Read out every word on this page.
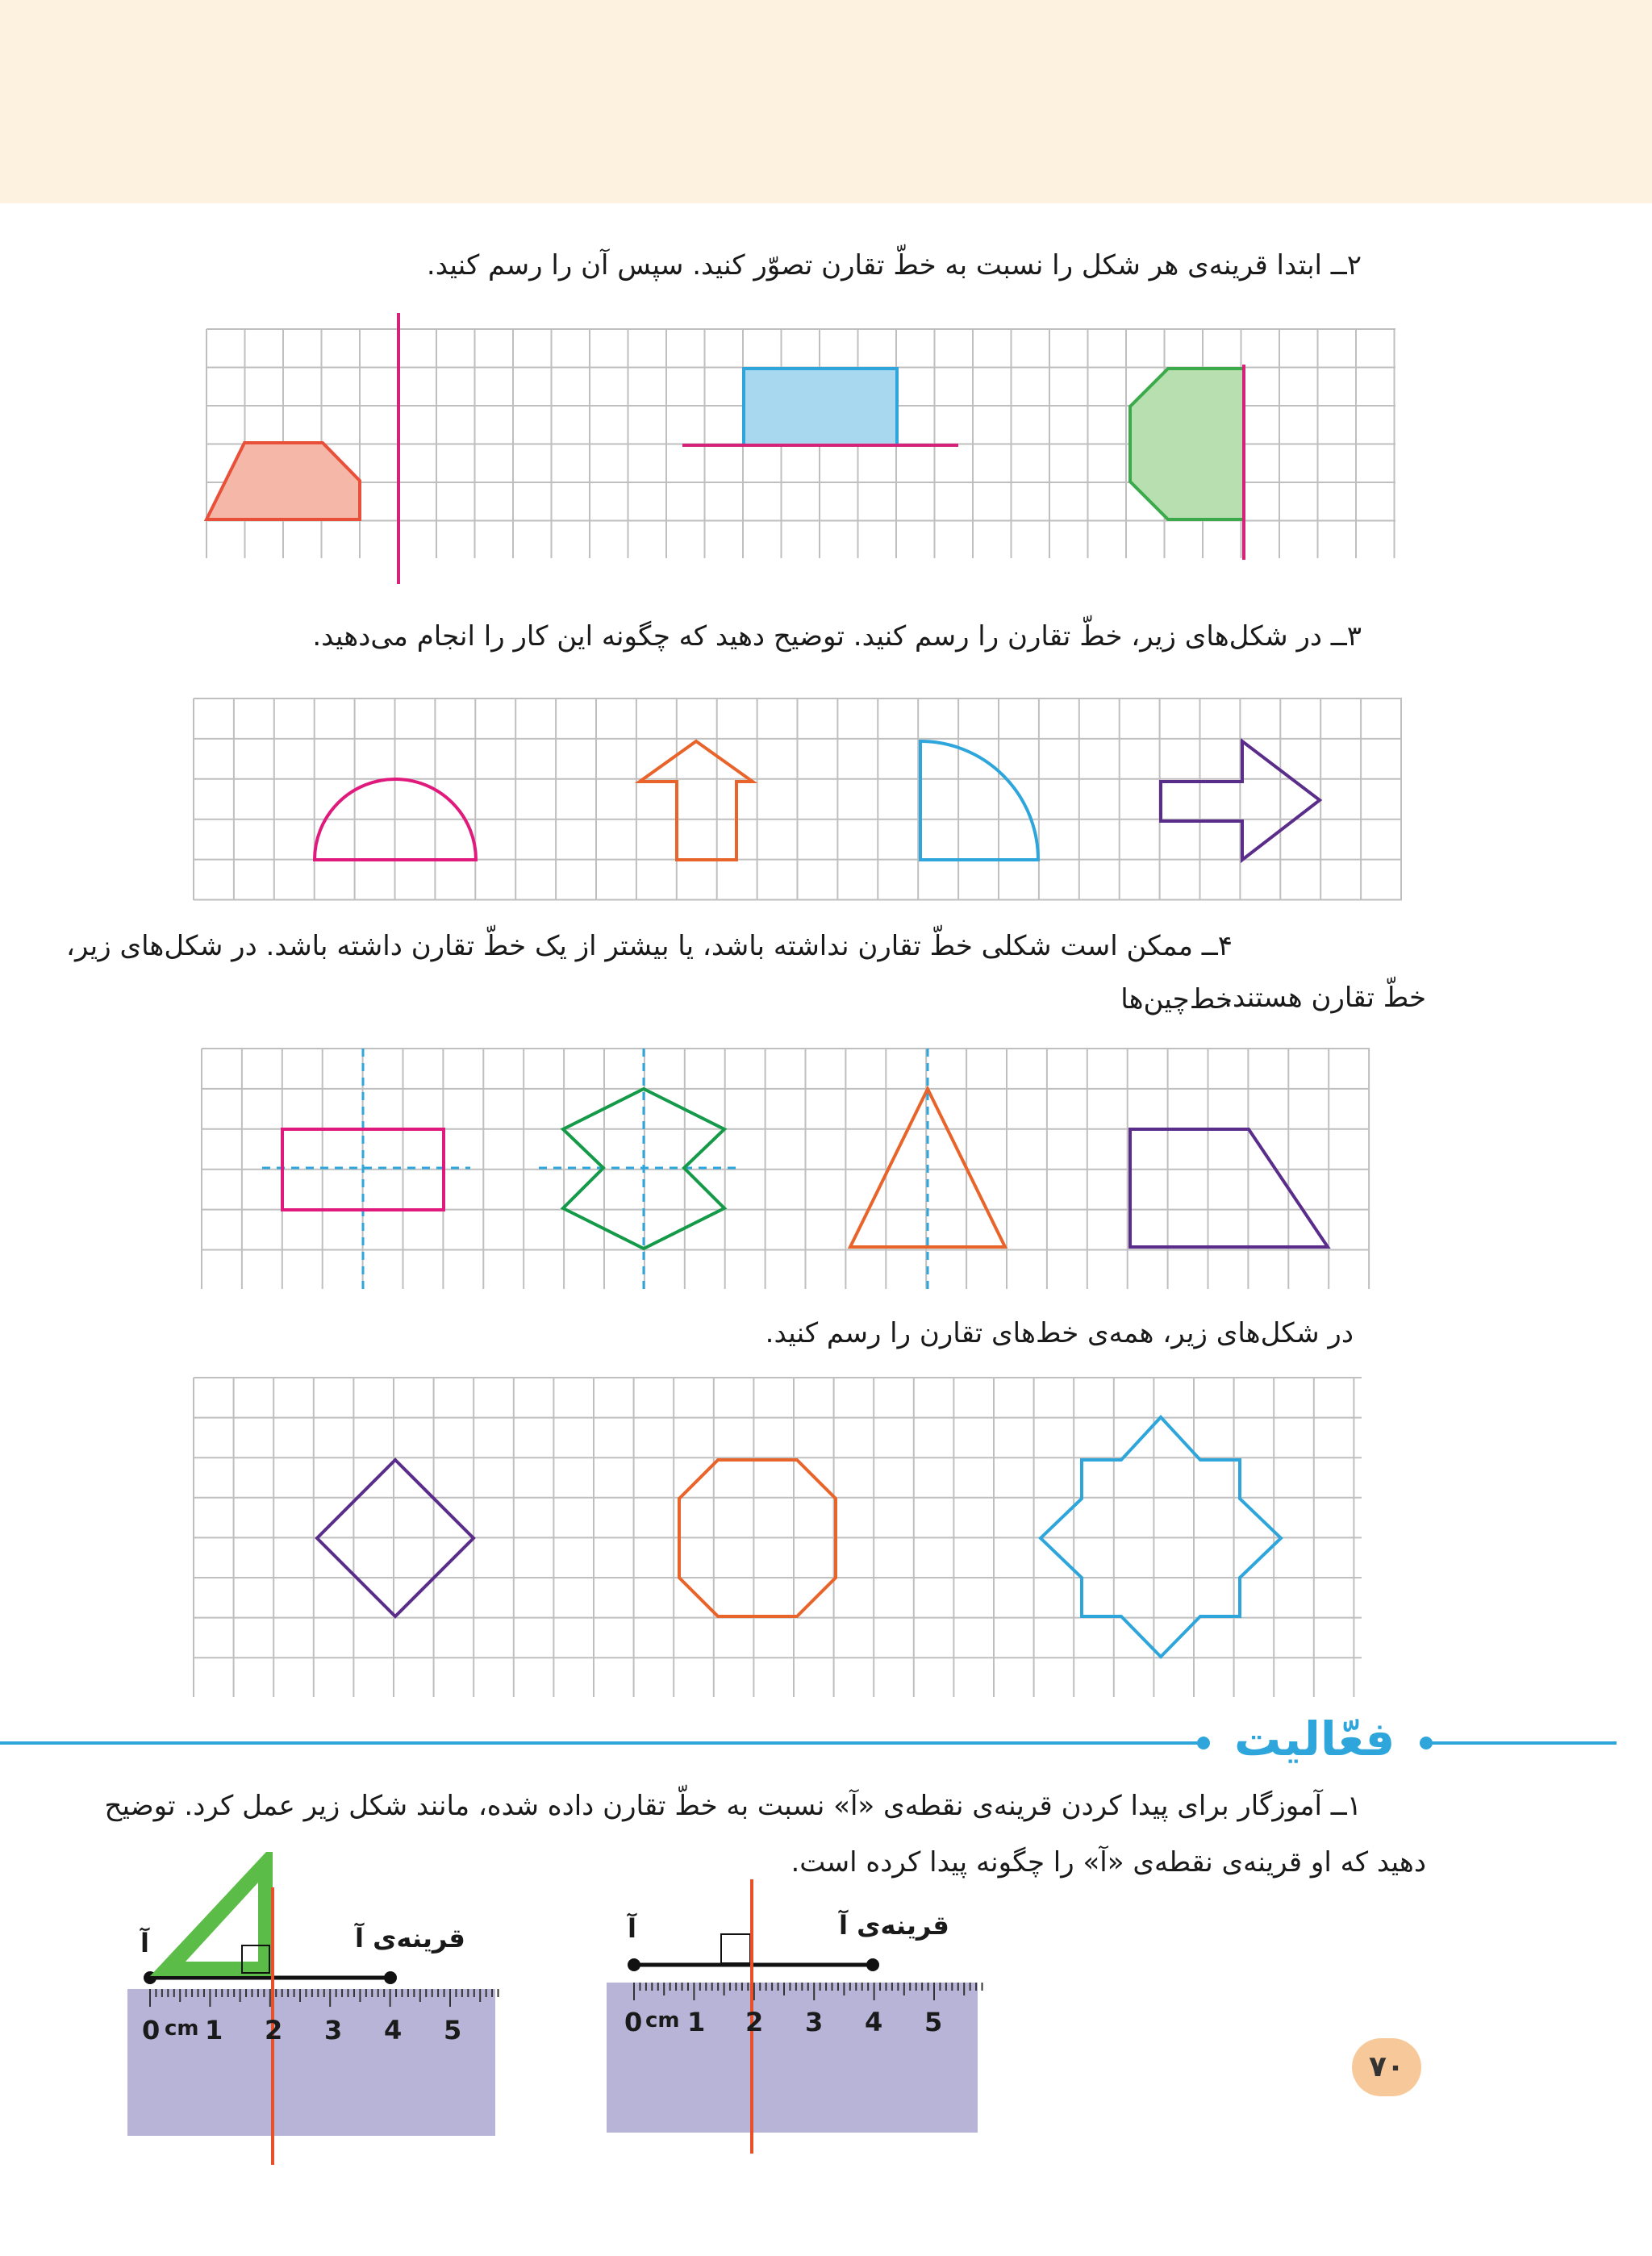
۲ــ ابتدا قرینه‌ی هر شکل را نسبت به خطّ تقارن تصوّر کنید. سپس آن را رسم کنید.
۳ــ در شکل‌های زیر، خطّ تقارن را رسم کنید. توضیح دهید که چگونه این کار را انجام می‌دهید.
۴ــ ممکن است شکلی خطّ تقارن نداشته باشد، یا بیشتر از یک خطّ تقارن داشته باشد. در شکل‌های زیر، خط‌چین‌ها
خطّ تقارن هستند.
در شکل‌های زیر، همه‌ی خط‌های تقارن را رسم کنید.
آ	قرینه‌ی آ
cm
0 1 2 3 4 5
آ	قرینه‌ی آ
cm
0 1 2 3 4 5
فعّالیت
۱ــ آموزگار برای پیدا کردن قرینه‌ی نقطه‌ی «آ» نسبت به خطّ تقارن داده شده، مانند شکل زیر عمل کرد. توضیح
دهید که او قرینه‌ی نقطه‌ی «آ» را چگونه پیدا کرده است.
۷۰
